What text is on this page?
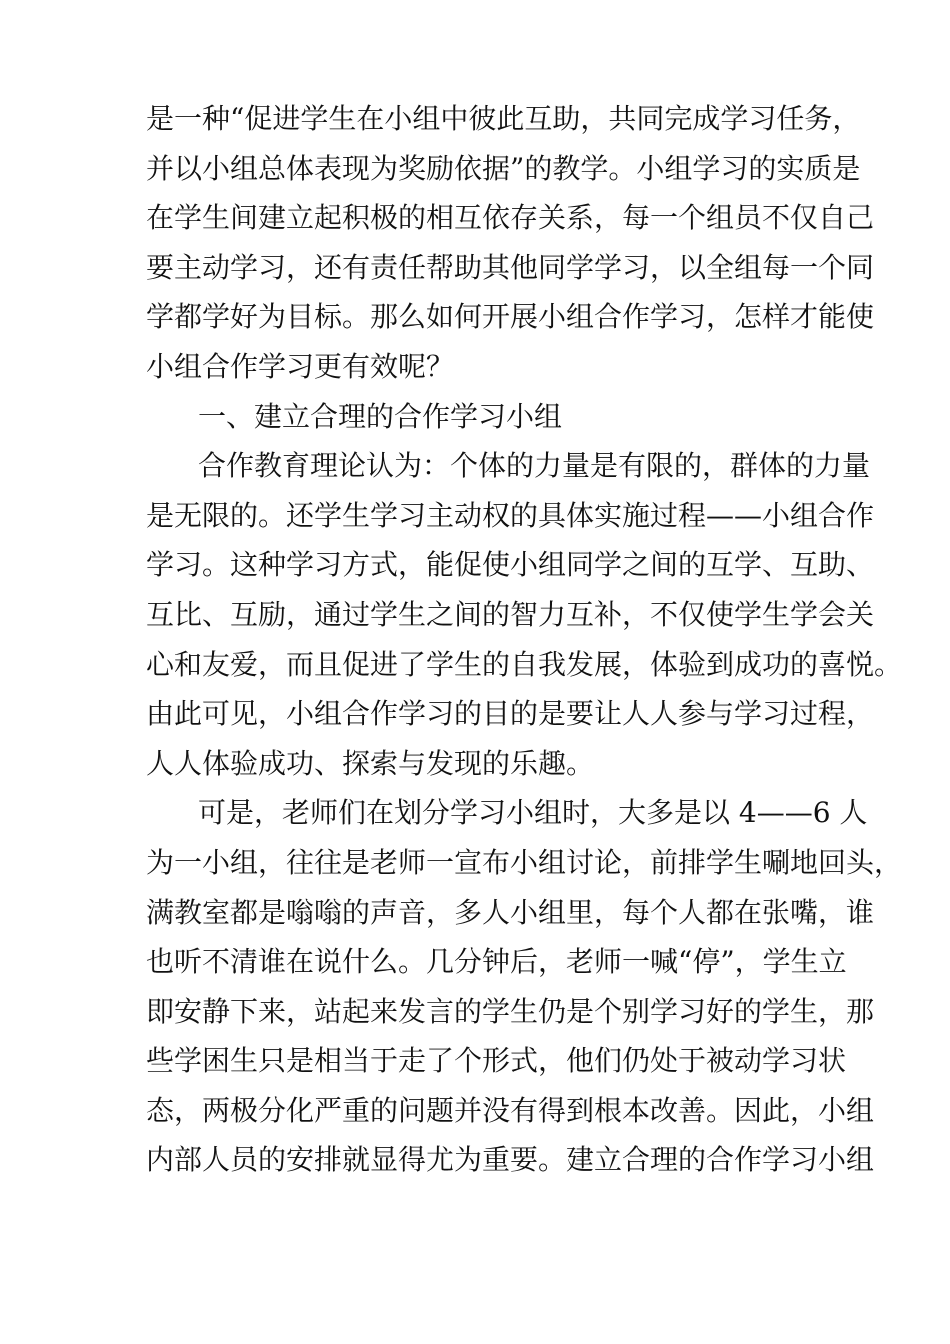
是一种“促进学生在小组中彼此互助，共同完成学习任务，
并以小组总体表现为奖励依据”的教学。小组学习的实质是
在学生间建立起积极的相互依存关系，每一个组员不仅自己
要主动学习，还有责任帮助其他同学学习，以全组每一个同
学都学好为目标。那么如何开展小组合作学习，怎样才能使
小组合作学习更有效呢？
一、建立合理的合作学习小组
合作教育理论认为：个体的力量是有限的，群体的力量
是无限的。还学生学习主动权的具体实施过程——小组合作
学习。这种学习方式，能促使小组同学之间的互学、互助、
互比、互励，通过学生之间的智力互补，不仅使学生学会关
心和友爱，而且促进了学生的自我发展，体验到成功的喜悦。
由此可见，小组合作学习的目的是要让人人参与学习过程，
人人体验成功、探索与发现的乐趣。
可是，老师们在划分学习小组时，大多是以 4——6 人
为一小组，往往是老师一宣布小组讨论，前排学生唰地回头，
满教室都是嗡嗡的声音，多人小组里，每个人都在张嘴，谁
也听不清谁在说什么。几分钟后，老师一喊“停”，学生立
即安静下来，站起来发言的学生仍是个别学习好的学生，那
些学困生只是相当于走了个形式，他们仍处于被动学习状
态，两极分化严重的问题并没有得到根本改善。因此，小组
内部人员的安排就显得尤为重要。建立合理的合作学习小组
